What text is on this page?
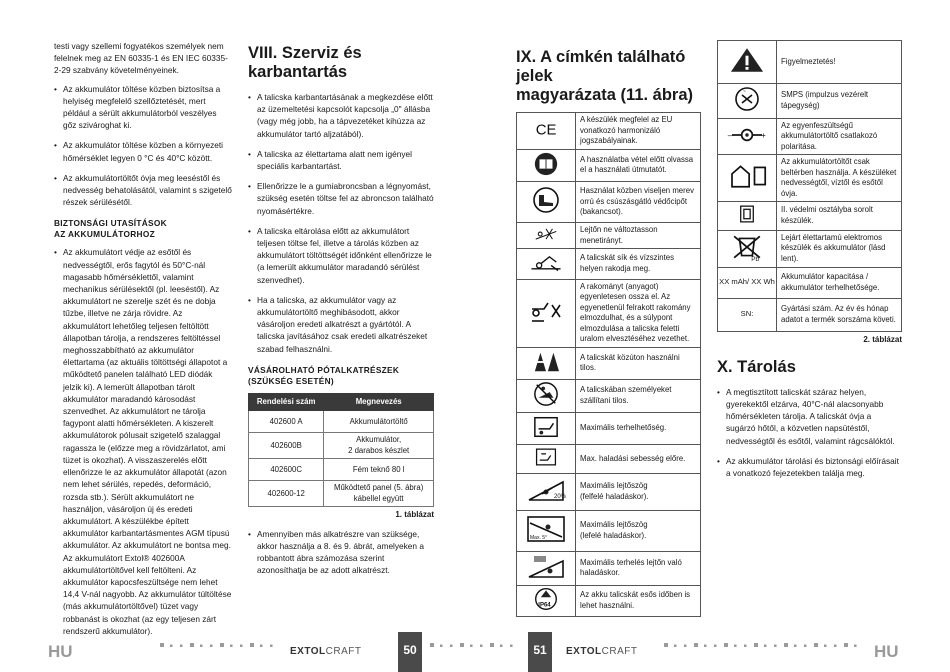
testi vagy szellemi fogyatékos személyek nem felelnek meg az EN 60335-1 és EN IEC 60335-2-29 szabvány követelményeinek.

• Az akkumulátor töltése közben biztosítsa a helyiség megfelelő szellőztetését, mert például a sérült akkumulátorból veszélyes gőz szivároghat ki.
• Az akkumulátor töltése közben a környezeti hőmérséklet legyen 0 °C és 40°C között.
• Az akkumulátortöltőt óvja meg leeséstől és nedvesség behatolásától, valamint s szigetelő részek sérülésétől.
BIZTONSÁGI UTASÍTÁSOK
AZ AKKUMULÁTORHOZ
• Az akkumulátort védje az esőtől és nedvességtől, erős fagytól és 50°C-nál magasabb hőmérséklettől, valamint mechanikus sérülésektől (pl. leeséstől). Az akkumulátort ne szerelje szét és ne dobja tűzbe, illetve ne zárja rövidre. Az akkumulátort lehetőleg teljesen feltöltött állapotban tárolja, a rendszeres feltöltéssel meghosszabbítható az akkumulátor élettartama (az aktuális töltöttségi állapotot a működtető panelen található LED diódák jelzik ki). A lemerült állapotban tárolt akkumulátor maradandó károsodást szenvedhet. Az akkumulátort ne tárolja fagypont alatti hőmérsékleten. A kiszerelt akkumulátorok pólusait szigetelő szalaggal ragassza le (előzze meg a rövidzárlatot, ami tüzet is okozhat). A visszaszerelés előtt ellenőrizze le az akkumulátor állapotát (azon nem lehet sérülés, repedés, deformáció, rozsda stb.). Sérült akkumulátort ne használjon, vásároljon új és eredeti akkumulátort. A készülékbe épített akkumulátor karbantartásmentes AGM típusú akkumulátor. Az akkumulátort ne bontsa meg. Az akkumulátort Extol® 402600A akkumulátortöltővel kell feltölteni. Az akkumulátor kapocsfeszültsége nem lehet 14,4 V-nál nagyobb. Az akkumulátor túltöltése (más akkumulátortöltővel) tüzet vagy robbanást is okozhat (az egy teljesen zárt rendszerű akkumulátor).
VIII. Szerviz és karbantartás
• A talicska karbantartásának a megkezdése előtt az üzemeltetési kapcsolót kapcsolja „0" állásba (vagy még jobb, ha a tápvezetéket kihúzza az akkumulátor tartó aljzatából).
• A talicska az élettartama alatt nem igényel speciális karbantartást.
• Ellenőrizze le a gumiabroncsban a légnyomást, szükség esetén töltse fel az abroncson található nyomásértékre.
• A talicska eltárolása előtt az akkumulátort teljesen töltse fel, illetve a tárolás közben az akkumulátort töltöttségét időnként ellenőrizze le (a lemerült akkumulátor maradandó sérülést szenvedhet).
• Ha a talicska, az akkumulátor vagy az akkumulátortöltő meghibásodott, akkor vásároljon eredeti alkatrészt a gyártótól. A talicska javításához csak eredeti alkatrészeket szabad felhasználni.
VÁSÁROLHATÓ PÓTALKATRÉSZEK
(SZÜKSÉG ESETÉN)
Rendelési szám	Megnevezés
402600 A	Akkumulátortöltő
402600B	Akkumulátor,
2 darabos készlet
402600C	Fém teknő 80 l
402600-12	Működtető panel (5. ábra)
kábellel együtt
1. táblázat
• Amennyiben más alkatrészre van szüksége, akkor használja a 8. és 9. ábrát, amelyeken a robbantott ábra számozása szerint azonosíthatja be az adott alkatrészt.
IX. A címkén található jelek
magyarázata (11. ábra)
CE	A készülék megfelel az EU vonatkozó harmonizáló jogszabályainak.
	A használatba vétel előtt olvassa el a használati útmutatót.
	Használat közben viseljen merev orrú és csúszásgátló védőcipőt (bakancsot).
	Lejtőn ne változtasson menetirányt.
	A talicskát sík és vízszintes helyen rakodja meg.
	A rakományt (anyagot) egyenletesen ossza el. Az egyenetlenül felrakott rakomány elmozdulhat, és a súlypont elmozdulása a talicska feletti uralom elvesztéséhez vezethet.
	A talicskát közúton használni tilos.
	A talicskában személyeket szállítani tilos.
	Maximális terhelhetőség.
	Max. haladási sebesség előre.

20%	Maximális lejtőszög
(felfelé haladáskor).

Max. 5°	Maximális lejtőszög
(lefelé haladáskor).
	Maximális terhelés lejtőn való haladáskor.

IP64	Az akku talicskát esős időben is lehet használni.
	Figyelmeztetés!

~	SMPS (impulzus vezérelt tápegység)

– +	Az egyenfeszültségű akkumulátortöltő csatlakozó polaritása.
	Az akkumulátortöltőt csak beltérben használja. A készüléket nedvességtől, víztől és esőtől óvja.
	II. védelmi osztályba sorolt készülék.

Pb	Lejárt élettartamú elektromos készülék és akkumulátor (lásd lent).
XX mAh/ XX Wh	Akkumulátor kapacitása / akkumulátor terhelhetősége.
SN:	Gyártási szám. Az év és hónap adatot a termék sorszáma követi.
2. táblázat
X. Tárolás
• A megtisztított talicskát száraz helyen, gyerekektől elzárva, 40°C-nál alacsonyabb hőmérsékleten tárolja. A talicskát óvja a sugárzó hőtől, a közvetlen napsütéstől, nedvességtől és esőtől, valamint rágcsálóktól.
• Az akkumulátor tárolási és biztonsági előírásait a vonatkozó fejezetekben találja meg.
HU	EXTOLCRAFT	50	51	EXTOLCRAFT	HU
